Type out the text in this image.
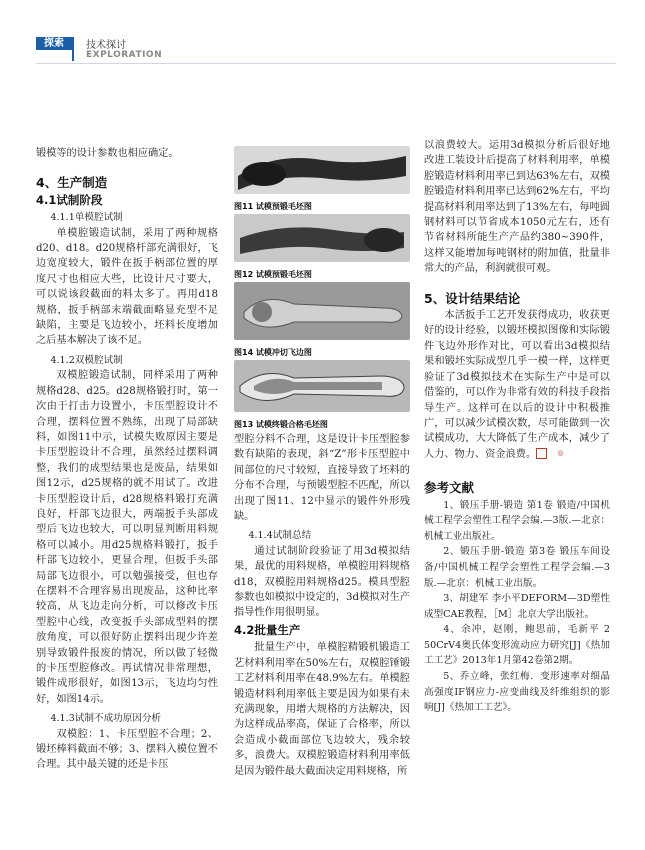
探索	技术探讨
EXPLORATION

锻模等的设计参数也相应确定。

4、生产制造
4.1试制阶段

4.1.1单模腔试制

单模腔锻造试制，采用了两种规格d20、d18。d20规格杆部充满很好，飞边宽度较大，锻件在扳手柄部位置的厚度尺寸也相应大些，比设计尺寸要大，可以说该段截面的料太多了。再用d18规格，扳手柄部末端截面略显充型不足缺陷，主要是飞边较小，坯料长度增加之后基本解决了该不足。

4.1.2双模腔试制

双模腔锻造试制，同样采用了两种规格d28、d25。d28规格锻打时，第一次由于打击力设置小，卡压型腔设计不合理，摆料位置不熟练，出现了局部缺料，如图11中示，试模失败原因主要是卡压型腔设计不合理，虽然经过摆料调整，我们的成型结果也是废品，结果如图12示，d25规格的就不用试了。改进卡压型腔设计后，d28规格料锻打充满良好，杆部飞边很大，两端扳手头部成型后飞边也较大，可以明显判断用料规格可以减小。用d25规格料锻打，扳手杆部飞边较小，更显合理，但扳手头部局部飞边很小，可以勉强接受，但也存在摆料不合理容易出现废品，这种比率较高，从飞边走向分析，可以修改卡压型腔中心线，改变扳手头部成型料的摆放角度，可以很好防止摆料出现少许差别导致锻件报废的情况，所以做了轻微的卡压型腔修改。再试情况非常理想，锻件成形很好，如图13示，飞边均匀性好，如图14示。

4.1.3试制不成功原因分析

双模腔：1、卡压型腔不合理；2、锻坯棒料截面不够；3、摆料入模位置不合理。其中最关键的还是卡压

图11 试模预锻毛坯图
图12 试模预锻毛坯图
图14 试模冲切飞边图
图13 试模终锻合格毛坯图

型腔分料不合理，这是设计卡压型腔参数有缺陷的表现，斜“Z”形卡压型腔中间部位的尺寸较短，直接导致了坯料的分布不合理，与预锻型腔不匹配，所以出现了图11、12中显示的锻件外形残缺。

4.1.4试制总结

通过试制阶段验证了用3d模拟结果，最优的用料规格，单模腔用料规格d18，双模腔用料规格d25。模具型腔参数也如模拟中设定的，3d模拟对生产指导性作用很明显。

4.2批量生产

批量生产中，单模腔精锻机锻造工艺材料利用率在50%左右，双模腔锤锻工艺材料利用率在48.9%左右。单模腔锻造材料利用率低主要是因为如果有未充满现象，用增大规格的方法解决，因为这样成品率高，保证了合格率，所以会造成小截面部位飞边较大，残余较多，浪费大。双模腔锻造材料利用率低是因为锻件最大截面决定用料规格，所

以浪费较大。运用3d模拟分析后很好地改进工装设计后提高了材料利用率，单模腔锻造材料利用率已到达63%左右，双模腔锻造材料利用率已达到62%左右，平均提高材料利用率达到了13%左右，每吨圆钢材料可以节省成本1050元左右，还有节省材料所能生产产品约380~390件，这样又能增加每吨钢材的附加值，批量非常大的产品，利润就很可观。

5、设计结果结论

本活扳手工艺开发获得成功，收获更好的设计经验，以锻坯模拟图像和实际锻件飞边外形作对比，可以看出3d模拟结果和锻坯实际成型几乎一模一样，这样更验证了3d模拟技术在实际生产中是可以借鉴的，可以作为非常有效的科技手段指导生产。这样可在以后的设计中积极推广，可以减少试模次数，尽可能做到一次试模成功，大大降低了生产成本，减少了人力、物力、资金浪费。	◎

参考文献

1、锻压手册-锻造 第1卷 锻造/中国机械工程学会塑性工程学会编.—3版.—北京：机械工业出版社。

2、锻压手册-锻造 第3卷 锻压车间设备/中国机械工程学会塑性工程学会编.—3版.—北京：机械工业出版。

3、胡建军 李小平DEFORM—3D塑性成型CAE教程，［M］北京大学出版社。

4、余冲，赵刚，鲍思前，毛新平 2 50CrV4奥氏体变形流动应力研究[J]《热加工工艺》2013年1月第42卷第2期。

5、乔立峰，张红梅．变形速率对细晶高强度IF钢应力-应变曲线及纤维组织的影响[J]《热加工工艺》。
